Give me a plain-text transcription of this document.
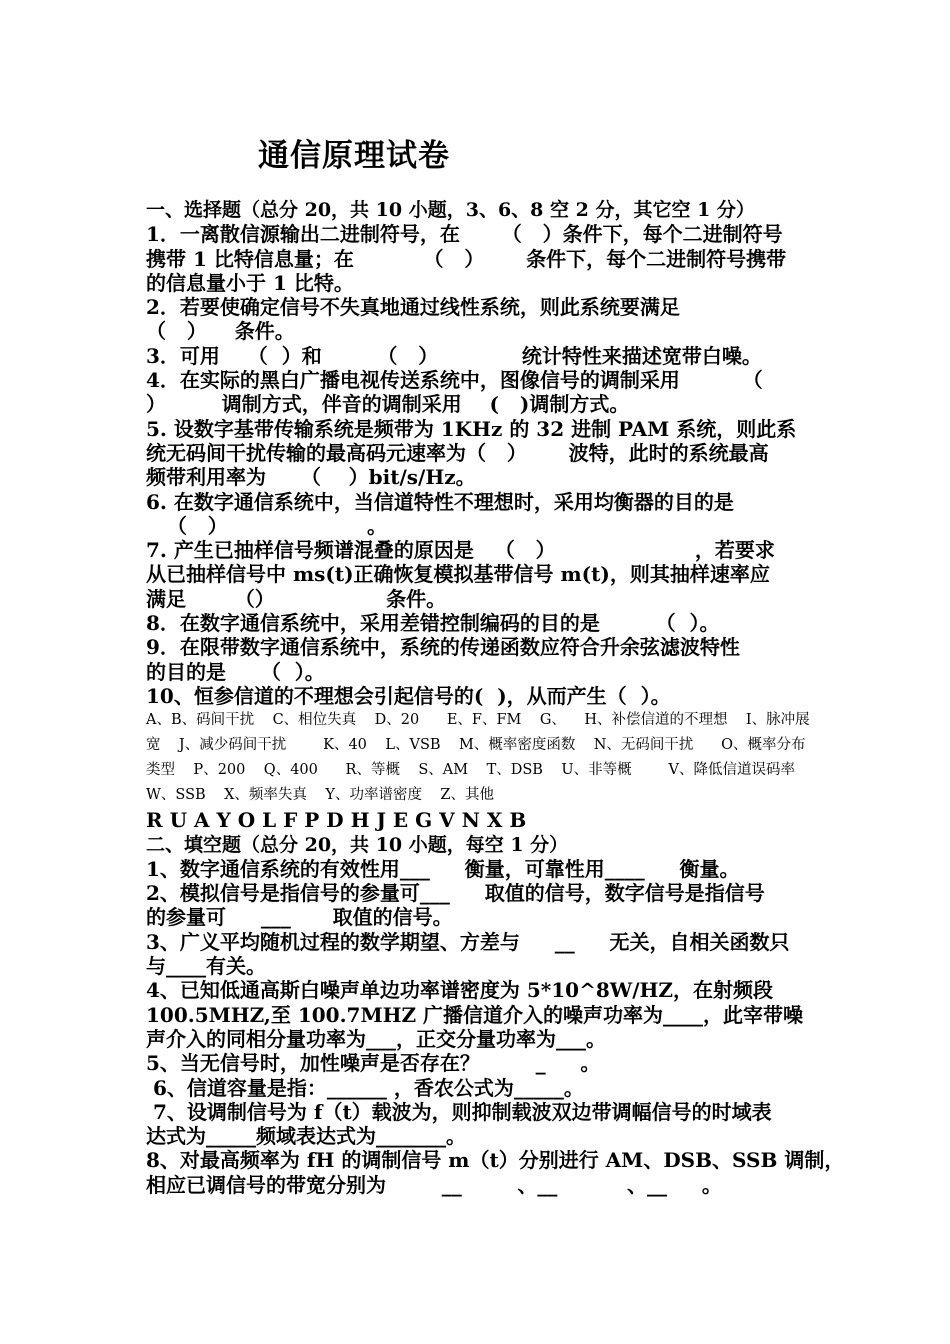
通信原理试卷
一、选择题（总分 20，共 10 小题，3、6、8 空 2 分，其它空 1 分）
1．一离散信源输出二进制符号，在      （   ）条件下，每个二进制符号
携带 1 比特信息量；在          （   ）      条件下，每个二进制符号携带
的信息量小于 1 比特。
2．若要使确定信号不失真地通过线性系统，则此系统要满足
（   ）    条件。
3．可用    （  ）和        （   ）            统计特性来描述宽带白噪。
4．在实际的黑白广播电视传送系统中，图像信号的调制采用         （
）        调制方式，伴音的调制采用    (   )调制方式。
5. 设数字基带传输系统是频带为 1KHz 的 32 进制 PAM 系统，则此系
统无码间干扰传输的最高码元速率为（   ）      波特，此时的系统最高
频带利用率为     （    ）bit/s/Hz。
6. 在数字通信系统中，当信道特性不理想时，采用均衡器的目的是
（   ）                    。
7. 产生已抽样信号频谱混叠的原因是   （   ）                    ，若要求
从已抽样信号中 ms(t)正确恢复模拟基带信号 m(t)，则其抽样速率应
满足       （）                条件。
8．在数字通信系统中，采用差错控制编码的目的是        （  ）。
9．在限带数字通信系统中，系统的传递函数应符合升余弦滤波特性
的目的是     （  ）。
10、恒参信道的不理想会引起信号的(  )，从而产生（  ）。
A、B、码间干扰    C、相位失真    D、20      E、F、FM    G、    H、补偿信道的不理想    I、脉冲展
宽    J、减少码间干扰        K、40    L、VSB    M、概率密度函数    N、无码间干扰      O、概率分布
类型    P、200    Q、400      R、等概    S、AM    T、DSB    U、非等概        V、降低信道误码率
W、SSB    X、频率失真    Y、功率谱密度    Z、其他
R U A Y O L F P D H J E G V N X B
二、填空题（总分 20，共 10 小题，每空 1 分）
1、数字通信系统的有效性用___     衡量，可靠性用____     衡量。
2、模拟信号是指信号的参量可___     取值的信号，数字信号是指信号
的参量可     ___      取值的信号。
3、广义平均随机过程的数学期望、方差与     __     无关，自相关函数只
与____有关。
4、已知低通高斯白噪声单边功率谱密度为 5*10^8W/HZ，在射频段
100.5MHZ,至 100.7MHZ 广播信道介入的噪声功率为____，此宰带噪
声介入的同相分量功率为___，正交分量功率为___。
5、当无信号时，加性噪声是否存在？        _     。
6、信道容量是指：______ ，香农公式为_____。
7、设调制信号为 f（t）载波为，则抑制载波双边带调幅信号的时域表
达式为_____频域表达式为_______。
8、对最高频率为 fH 的调制信号 m（t）分别进行 AM、DSB、SSB 调制，
相应已调信号的带宽分别为        __        、__          、__     。
